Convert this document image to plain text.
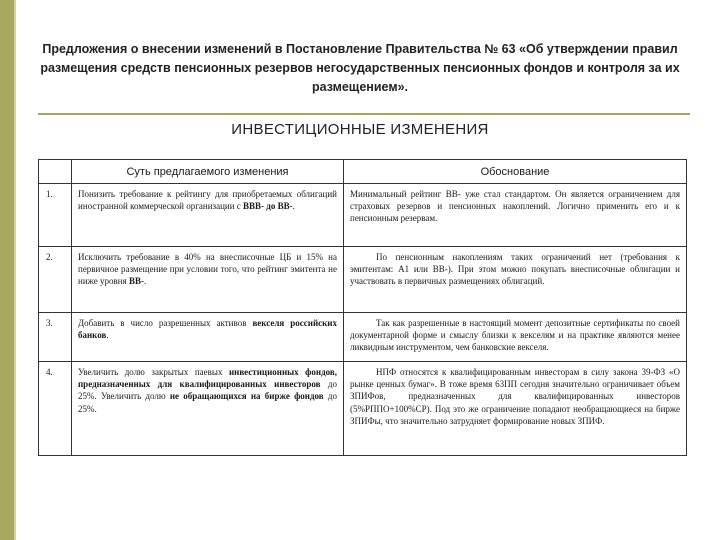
Предложения о внесении изменений в Постановление Правительства № 63 «Об утверждении правил размещения средств пенсионных резервов негосударственных пенсионных фондов и контроля за их размещением».
ИНВЕСТИЦИОННЫЕ ИЗМЕНЕНИЯ
	Суть предлагаемого изменения	Обоснование
1.	Понизить требование к рейтингу для приобретаемых облигаций иностранной коммерческой организации с ВВВ- до ВВ-.	Минимальный рейтинг ВВ- уже стал стандартом. Он является ограничением для страховых резервов и пенсионных накоплений. Логично применить его и к пенсионным резервам.

2.	Исключить требование в 40% на внесписочные ЦБ и 15% на первичное размещение при условии того, что рейтинг эмитента не ниже уровня ВВ-.	По пенсионным накоплениям таких ограничений нет (требования к эмитентам: А1 или ВВ-). При этом можно покупать внесписочные облигации и участвовать в первичных размещениях облигаций.

3.	Добавить в число разрешенных активов векселя российских банков.	Так как разрешенные в настоящий момент депозитные сертификаты по своей документарной форме и смыслу близки к векселям и на практике являются менее ликвидным инструментом, чем банковские векселя.

4.	Увеличить долю закрытых паевых инвестиционных фондов, предназначенных для квалифицированных инвесторов до 25%. Увеличить долю не обращающихся на бирже фондов до 25%.	НПФ относятся к квалифицированным инвесторам в силу закона 39-ФЗ «О рынке ценных бумаг». В тоже время 63ПП сегодня значительно ограничивает объем ЗПИФов, предназначенных для квалифицированных инвесторов (5%РППО+100%СР). Под это же ограничение попадают необращающиеся на бирже ЗПИФы, что значительно затрудняет формирование новых ЗПИФ.
